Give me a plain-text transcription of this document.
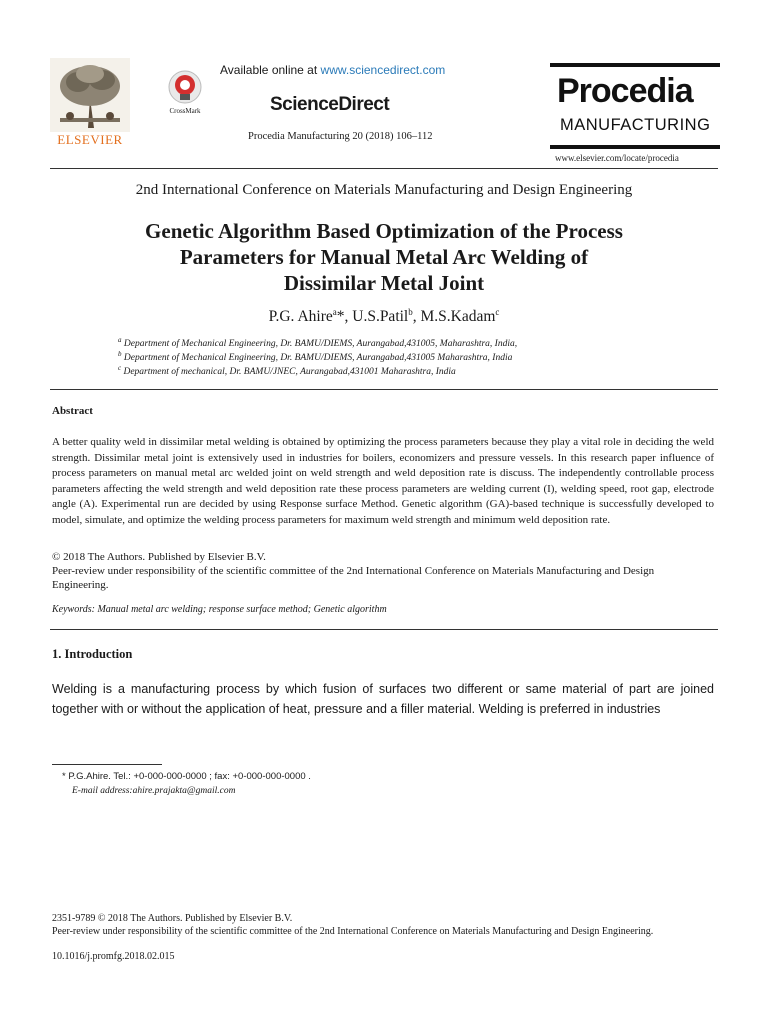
ELSEVIER
CrossMark
Available online at www.sciencedirect.com
ScienceDirect
Procedia Manufacturing 20 (2018) 106–112
Procedia
MANUFACTURING
www.elsevier.com/locate/procedia
2nd International Conference on Materials Manufacturing and Design Engineering
Genetic Algorithm Based Optimization of the Process
Parameters for Manual Metal Arc Welding of
Dissimilar Metal Joint
P.G. Ahire$^a$*, U.S.Patil$^b$, M.S.Kadam$^c$
$^a$ Department of Mechanical Engineering, Dr. BAMU/DIEMS, Aurangabad,431005, Maharashtra, India,
$^b$ Department of Mechanical Engineering, Dr. BAMU/DIEMS, Aurangabad,431005 Maharashtra, India
$^c$ Department of mechanical, Dr. BAMU/JNEC, Aurangabad,431001 Maharashtra, India
Abstract
A better quality weld in dissimilar metal welding is obtained by optimizing the process parameters because they play a vital role in deciding the weld strength. Dissimilar metal joint is extensively used in industries for boilers, economizers and pressure vessels. In this research paper influence of process parameters on manual metal arc welded joint on weld strength and weld deposition rate is discuss. The independently controllable process parameters affecting the weld strength and weld deposition rate these process parameters are welding current (I), welding speed, root gap, electrode angle (A). Experimental run are decided by using Response surface Method. Genetic algorithm (GA)-based technique is successfully developed to model, simulate, and optimize the welding process parameters for maximum weld strength and minimum weld deposition rate.
© 2018 The Authors. Published by Elsevier B.V.
Peer-review under responsibility of the scientific committee of the 2nd International Conference on Materials Manufacturing and Design Engineering.
Keywords: Manual metal arc welding; response surface method; Genetic algorithm
1. Introduction
Welding is a manufacturing process by which fusion of surfaces two different or same material of part are joined together with or without the application of heat, pressure and a filler material. Welding is preferred in industries
* P.G.Ahire. Tel.: +0-000-000-0000 ; fax: +0-000-000-0000 .
E-mail address:ahire.prajakta@gmail.com
2351-9789 © 2018 The Authors. Published by Elsevier B.V.
Peer-review under responsibility of the scientific committee of the 2nd International Conference on Materials Manufacturing and Design Engineering.
10.1016/j.promfg.2018.02.015
